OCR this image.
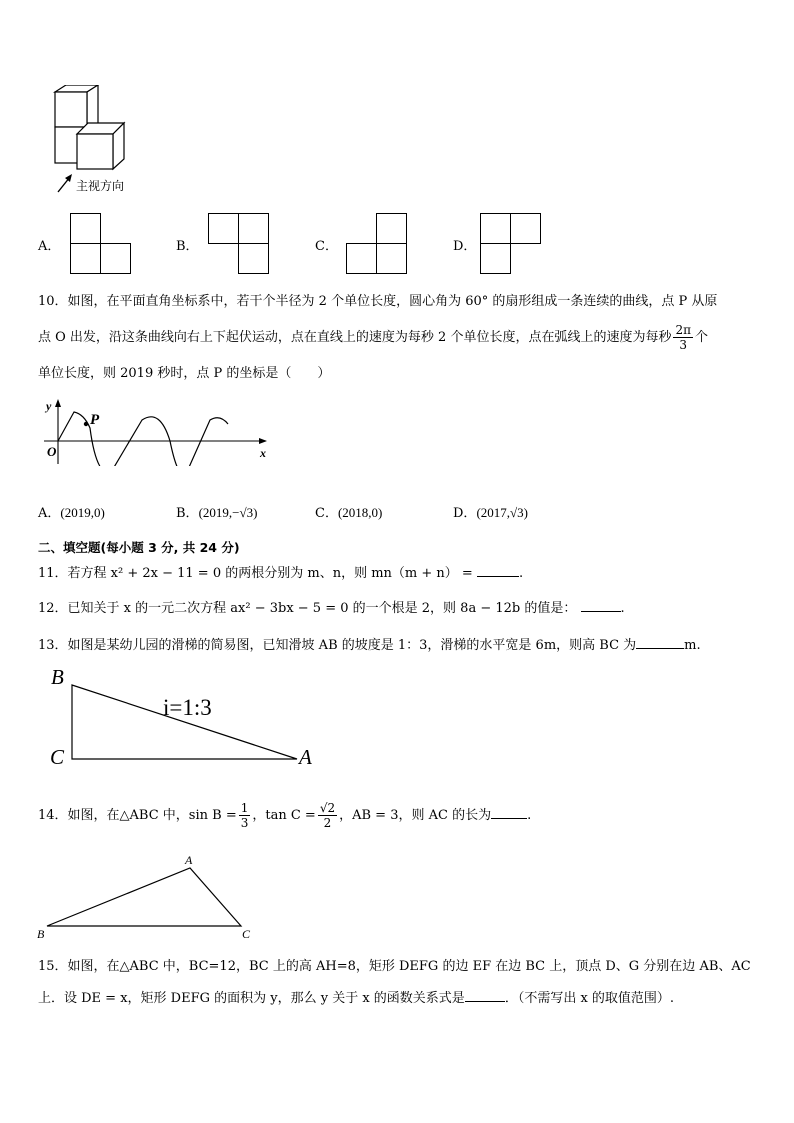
主视方向
A．	B．	C．	D．
10．如图，在平面直角坐标系中，若干个半径为 2 个单位长度，圆心角为 60° 的扇形组成一条连续的曲线，点 P 从原
点 O 出发，沿这条曲线向右上下起伏运动，点在直线上的速度为每秒 2 个单位长度，点在弧线上的速度为每秒 $\frac{2\pi}{3}$ 个
单位长度，则 2019 秒时，点 P 的坐标是（　　）
y
x
O
P
A．(2019,0)	B．(2019,−√3)	C．(2018,0)	D．(2017,√3)
二、填空题(每小题 3 分, 共 24 分)
11．若方程 x² + 2x − 11 = 0 的两根分别为 m、n，则 mn（m + n） =	.
12．已知关于 x 的一元二次方程 ax² − 3bx − 5 = 0 的一个根是 2，则 8a − 12b 的值是：	.
13．如图是某幼儿园的滑梯的简易图，已知滑坡 AB 的坡度是 1：3，滑梯的水平宽是 6m，则高 BC 为	m.
B
C	A
i=1:3
14．如图，在△ABC 中，$\sin B = \frac{1}{3}$ ，$\tan C = \frac{√2}{2}$ ，AB = 3，则 AC 的长为	.
A
B	C
15．如图，在△ABC 中，BC=12，BC 上的高 AH=8，矩形 DEFG 的边 EF 在边 BC 上，顶点 D、G 分别在边 AB、AC
上．设 DE = x，矩形 DEFG 的面积为 y，那么 y 关于 x 的函数关系式是	．（不需写出 x 的取值范围）.
